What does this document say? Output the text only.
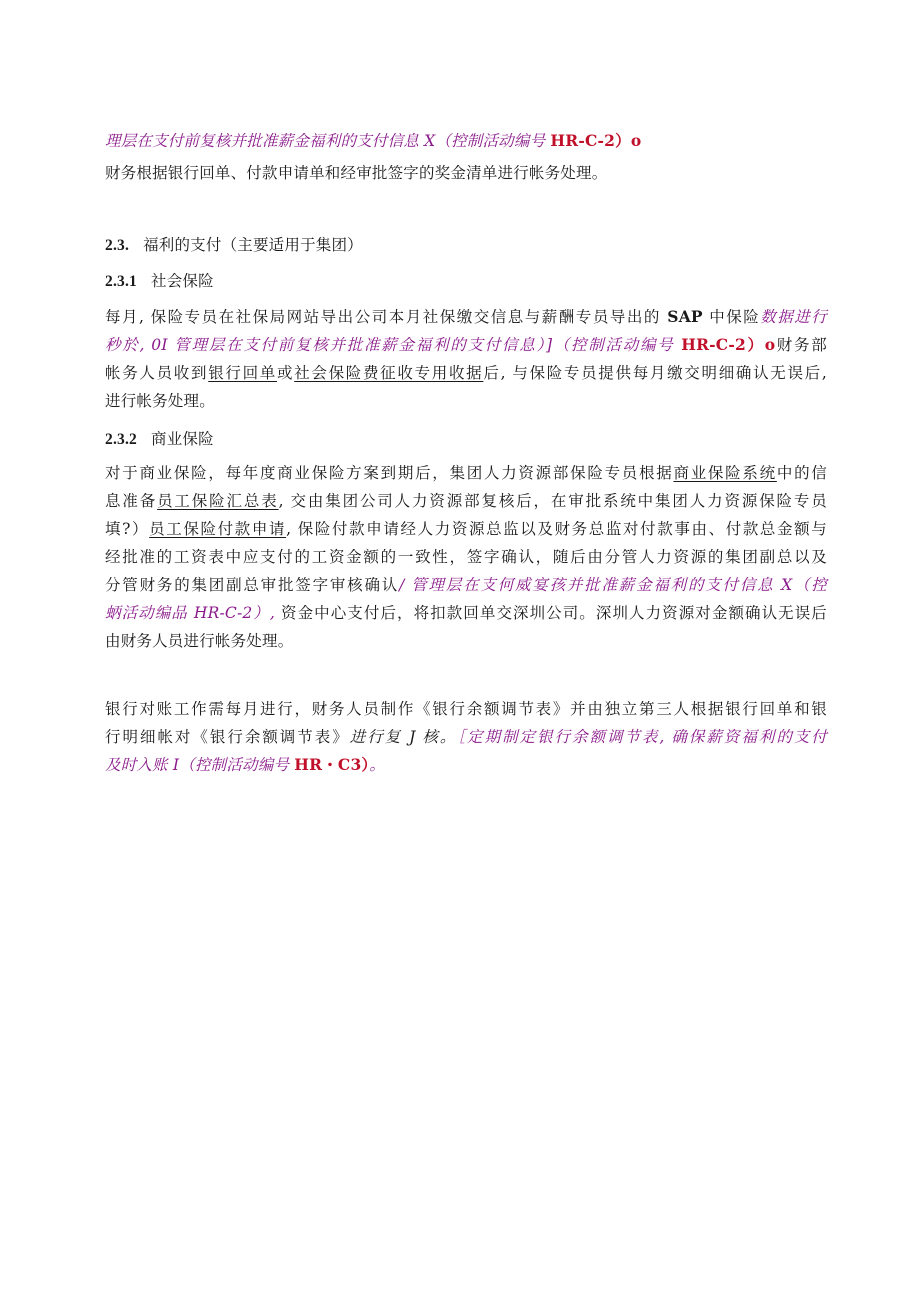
理层在支付前复核并批准薪金福利的支付信息 X（控制活动编号 HR-C-2）o
财务根据银行回单、付款申请单和经审批签字的奖金清单进行帐务处理。
2.3. 福利的支付（主要适用于集团）
2.3.1 社会保险
每月, 保险专员在社保局网站导出公司本月社保缴交信息与薪酬专员导出的 SAP 中保险数据进行
秒於, 0I 管理层在支付前复核并批准薪金福利的支付信息）]（控制活动编号 HR-C-2）o财务部
帐务人员收到银行回单或社会保险费征收专用收据后, 与保险专员提供每月缴交明细确认无误后,
进行帐务处理。
2.3.2 商业保险
对于商业保险，每年度商业保险方案到期后，集团人力资源部保险专员根据商业保险系统中的信
息准备员工保险汇总表, 交由集团公司人力资源部复核后，在审批系统中集团人力资源保险专员
填?）员工保险付款申请, 保险付款申请经人力资源总监以及财务总监对付款事由、付款总金额与
经批准的工资表中应支付的工资金额的一致性，签字确认，随后由分管人力资源的集团副总以及
分管财务的集团副总审批签字审核确认/ 管理层在支何威宴孩并批准薪金福利的支付信息 X（控
蛃活动编品 HR-C-2）, 资金中心支付后，将扣款回单交深圳公司。深圳人力资源对金额确认无误后
由财务人员进行帐务处理。
银行对账工作需每月进行，财务人员制作《银行余额调节表》并由独立第三人根据银行回单和银
行明细帐对《银行余额调节表》进行复 J 核。［定期制定银行余额调节表, 确保薪资福利的支付
及时入账 I（控制活动编号 HR・C3）。
